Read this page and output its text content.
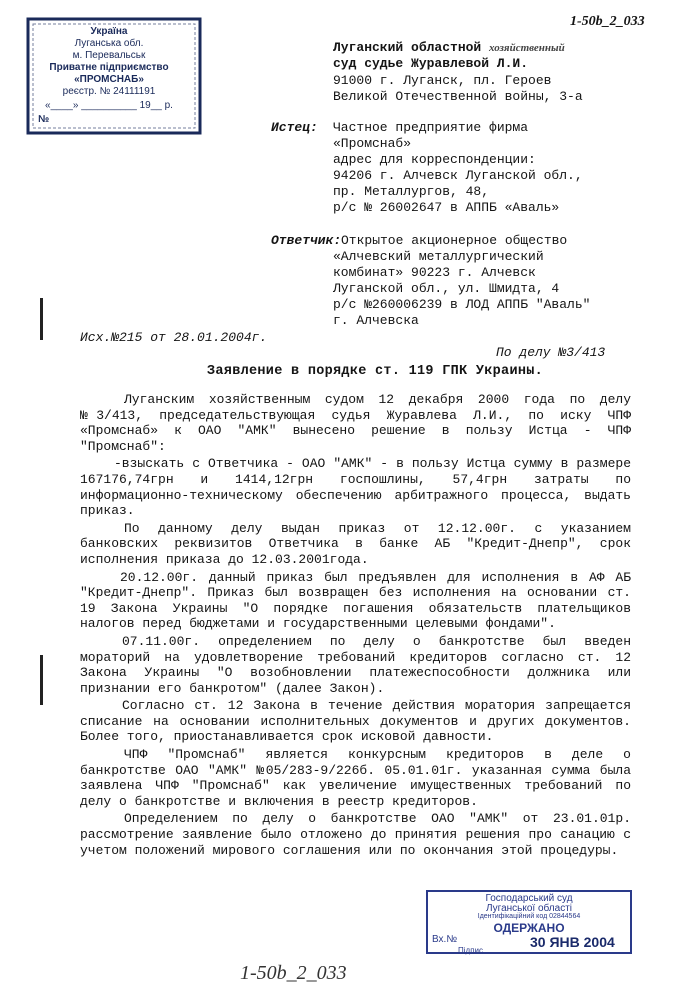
Україна
Луганська обл.
м. Перевальськ
Приватне підприємство
«ПРОМСНАБ»
реєстр. № 24111191
«____» __________ 19__ р.
№
1-50b_2_033
Луганский областной хозяйственный
суд судье Журавлевой Л.И.
91000 г. Луганск, пл. Героев
Великой Отечественной войны, 3-а
Истец: Частное предприятие фирма
«Промснаб»
адрес для корреспонденции:
94206 г. Алчевск Луганской обл.,
пр. Металлургов, 48,
р/с № 26002647 в АППБ «Аваль»
Ответчик: Открытое акционерное общество
«Алчевский металлургический
комбинат» 90223 г. Алчевск
Луганской обл., ул. Шмидта, 4
р/с №260006239 в ЛОД АППБ "Аваль"
г. Алчевска
Исх.№215 от 28.01.2004г.
По делу №3/413
Заявление в порядке ст. 119 ГПК Украины.

Луганским хозяйственным судом 12 декабря 2000 года по делу №3/413, председательствующая судья Журавлева Л.И., по иску ЧПФ «Промснаб» к ОАО "АМК" вынесено решение в пользу Истца - ЧПФ "Промснаб":

-взыскать с Ответчика - ОАО "АМК" - в пользу Истца сумму в размере 167176,74грн и 1414,12грн госпошлины, 57,4грн затраты по информационно-техническому обеспечению арбитражного процесса, выдать приказ.

По данному делу выдан приказ от 12.12.00г. с указанием банковских реквизитов Ответчика в банке АБ "Кредит-Днепр", срок исполнения приказа до 12.03.2001года.

20.12.00г. данный приказ был предъявлен для исполнения в АФ АБ "Кредит-Днепр". Приказ был возвращен без исполнения на основании ст. 19 Закона Украины "О порядке погашения обязательств плательщиков налогов перед бюджетами и государственными целевыми фондами".

07.11.00г. определением по делу о банкротстве был введен мораторий на удовлетворение требований кредиторов согласно ст. 12 Закона Украины "О возобновлении платежеспособности должника или признании его банкротом" (далее Закон).

Согласно ст. 12 Закона в течение действия моратория запрещается списание на основании исполнительных документов и других документов. Более того, приостанавливается срок исковой давности.

ЧПФ "Промснаб" является конкурсным кредиторов в деле о банкротстве ОАО "АМК" №05/283-9/226б. 05.01.01г. указанная сумма была заявлена ЧПФ "Промснаб" как увеличение имущественных требований по делу о банкротстве и включения в реестр кредиторов.

Определением по делу о банкротстве ОАО "АМК" от 23.01.01р. рассмотрение заявление было отложено до принятия решения про санацию с учетом положений мирового соглашения или по окончания этой процедуры.

Господарський суд
Луганської області
Ідентифікаційний код 02844564
ОДЕРЖАНО
Вх.№	30 ЯНВ 2004
Підпис
1-50b_2_033
